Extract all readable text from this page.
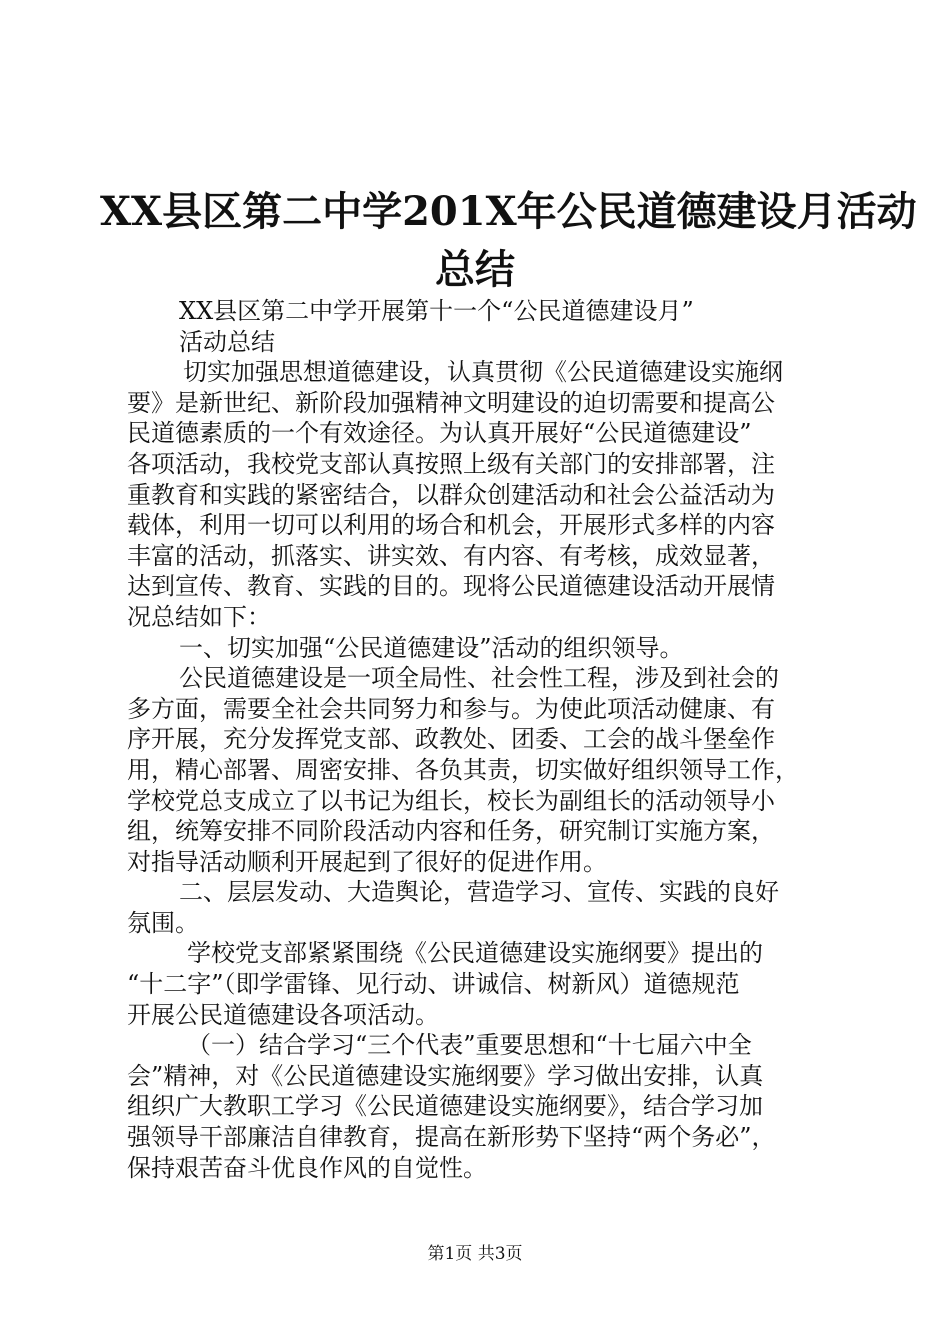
XX县区第二中学201X年公民道德建设月活动
总结
XX县区第二中学开展第十一个“公民道德建设月”
活动总结
切实加强思想道德建设，认真贯彻《公民道德建设实施纲
要》是新世纪、新阶段加强精神文明建设的迫切需要和提高公
民道德素质的一个有效途径。为认真开展好“公民道德建设”
各项活动，我校党支部认真按照上级有关部门的安排部署，注
重教育和实践的紧密结合，以群众创建活动和社会公益活动为
载体，利用一切可以利用的场合和机会，开展形式多样的内容
丰富的活动，抓落实、讲实效、有内容、有考核，成效显著，
达到宣传、教育、实践的目的。现将公民道德建设活动开展情
况总结如下：
一、切实加强“公民道德建设”活动的组织领导。
公民道德建设是一项全局性、社会性工程，涉及到社会的
多方面，需要全社会共同努力和参与。为使此项活动健康、有
序开展，充分发挥党支部、政教处、团委、工会的战斗堡垒作
用，精心部署、周密安排、各负其责，切实做好组织领导工作，
学校党总支成立了以书记为组长，校长为副组长的活动领导小
组，统筹安排不同阶段活动内容和任务，研究制订实施方案，
对指导活动顺利开展起到了很好的促进作用。
二、层层发动、大造舆论，营造学习、宣传、实践的良好
氛围。
学校党支部紧紧围绕《公民道德建设实施纲要》提出的
“十二字”（即学雷锋、见行动、讲诚信、树新风）道德规范
开展公民道德建设各项活动。
（一）结合学习“三个代表”重要思想和“十七届六中全
会”精神，对《公民道德建设实施纲要》学习做出安排，认真
组织广大教职工学习《公民道德建设实施纲要》，结合学习加
强领导干部廉洁自律教育，提高在新形势下坚持“两个务必”，
保持艰苦奋斗优良作风的自觉性。
第1页 共3页
